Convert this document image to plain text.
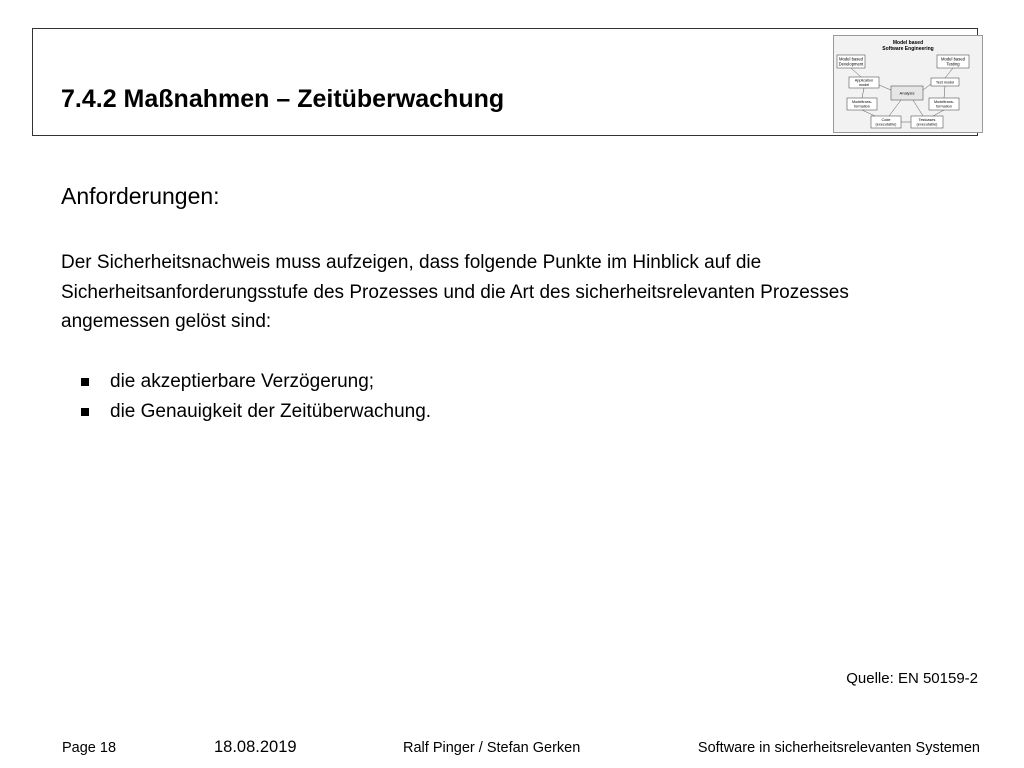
7.4.2 Maßnahmen – Zeitüberwachung
Model based
Software Engineering
Model based
Development
Model based
Testing
Application
model
Test model
Analysis
Modeltrans-
formation
Modeltrans-
formation
Code
(executable)
Testcases
(executable)
Anforderungen:
Der Sicherheitsnachweis muss aufzeigen, dass folgende Punkte im Hinblick auf die Sicherheitsanforderungsstufe des Prozesses und die Art des sicherheitsrelevanten Prozesses angemessen gelöst sind:
die akzeptierbare Verzögerung;
die Genauigkeit der Zeitüberwachung.
Quelle: EN 50159-2
Page 18	18.08.2019	Ralf Pinger / Stefan Gerken	Software in sicherheitsrelevanten Systemen
